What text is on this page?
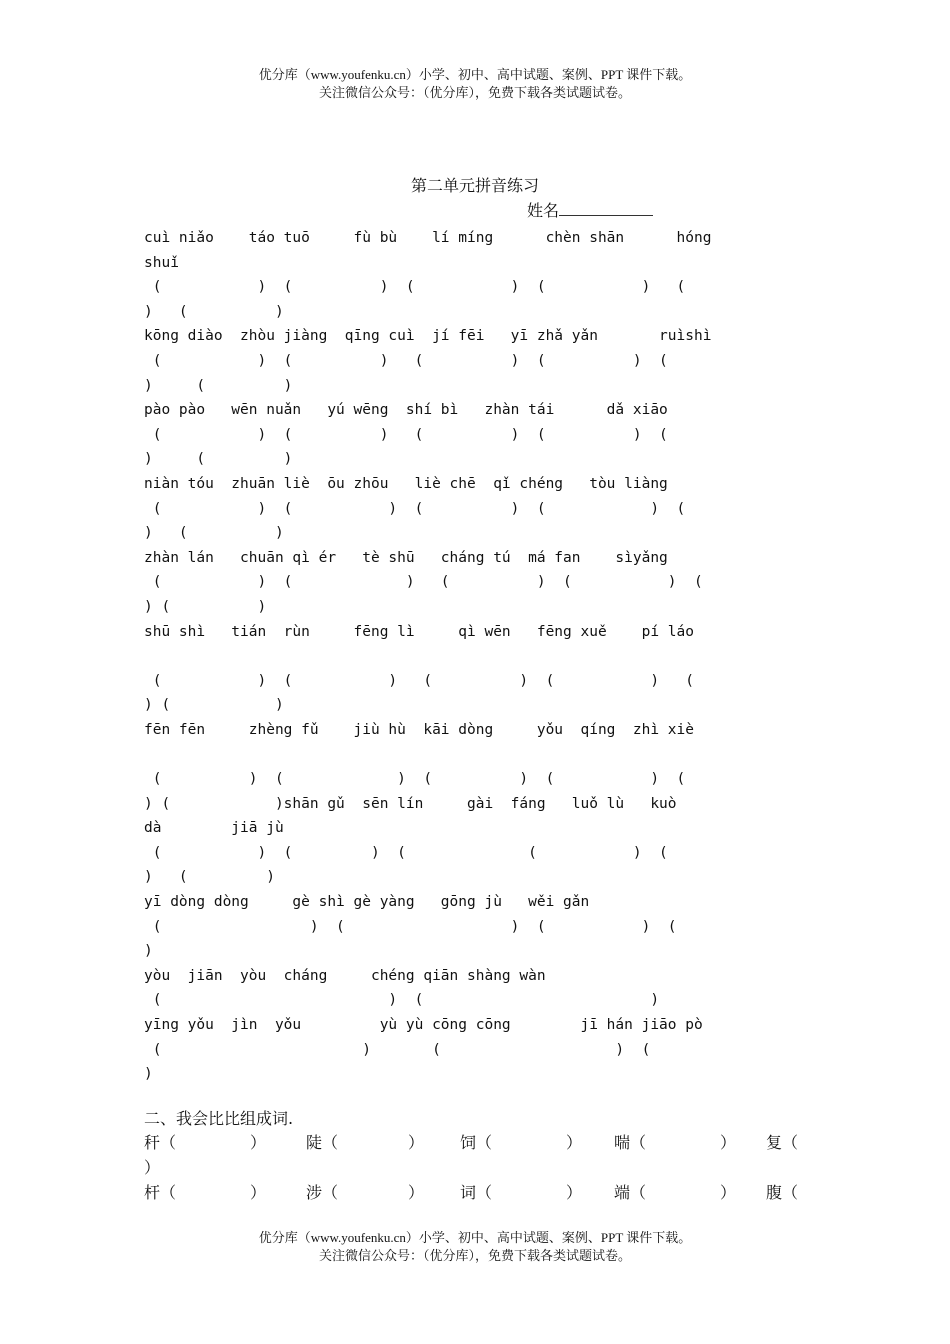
优分库（www.youfenku.cn）小学、初中、高中试题、案例、PPT 课件下载。
关注微信公众号：（优分库），免费下载各类试题试卷。
第二单元拼音练习
姓名
cuì niǎo    táo tuō     fù bù    lí míng      chèn shān      hóng
shuǐ
(           )  (          )  (           )  (           )   (
)   (          )
kōng diào  zhòu jiàng  qīng cuì  jí fēi   yī zhǎ yǎn       ruìshì
(           )  (          )   (          )  (          )  (
)     (         )
pào pào   wēn nuǎn   yú wēng  shí bì   zhàn tái      dǎ xiāo
(           )  (          )   (          )  (          )  (
)     (         )
niàn tóu  zhuān liè  ōu zhōu   liè chē  qǐ chéng   tòu liàng
(           )  (           )  (          )  (            )  (
)   (          )
zhàn lán   chuān qì ér   tè shū   cháng tú  má fan    sìyǎng
(           )  (             )   (          )  (           )  (
) (          )
shū shì   tián  rùn     fēng lì     qì wēn   fēng xuě    pí láo
(           )  (           )   (          )  (           )   (
) (            )
fēn fēn     zhèng fǔ    jiù hù  kāi dòng     yǒu  qíng  zhì xiè
(          )  (             )  (          )  (           )  (
) (            )shān gǔ  sēn lín     gài  fáng   luǒ lù   kuò
dà        jiā jù
(           )  (         )  (              (           )  (
)   (         )
yī dòng dòng     gè shì gè yàng   gōng jù   wěi gǎn
(                 )  (                   )  (           )  (
)
yòu  jiān  yòu  cháng     chéng qiān shàng wàn
(                          )  (                          )
yīng yǒu  jìn  yǒu         yù yù cōng cōng        jī hán jiāo pò
(                       )       (                    )  (
)
二、我会比比组成词.
秆（	） 陡（	） 饲（	） 喘（	） 复（
）
杆（	） 涉（	） 词（	） 端（	） 腹（
优分库（www.youfenku.cn）小学、初中、高中试题、案例、PPT 课件下载。
关注微信公众号：（优分库），免费下载各类试题试卷。
